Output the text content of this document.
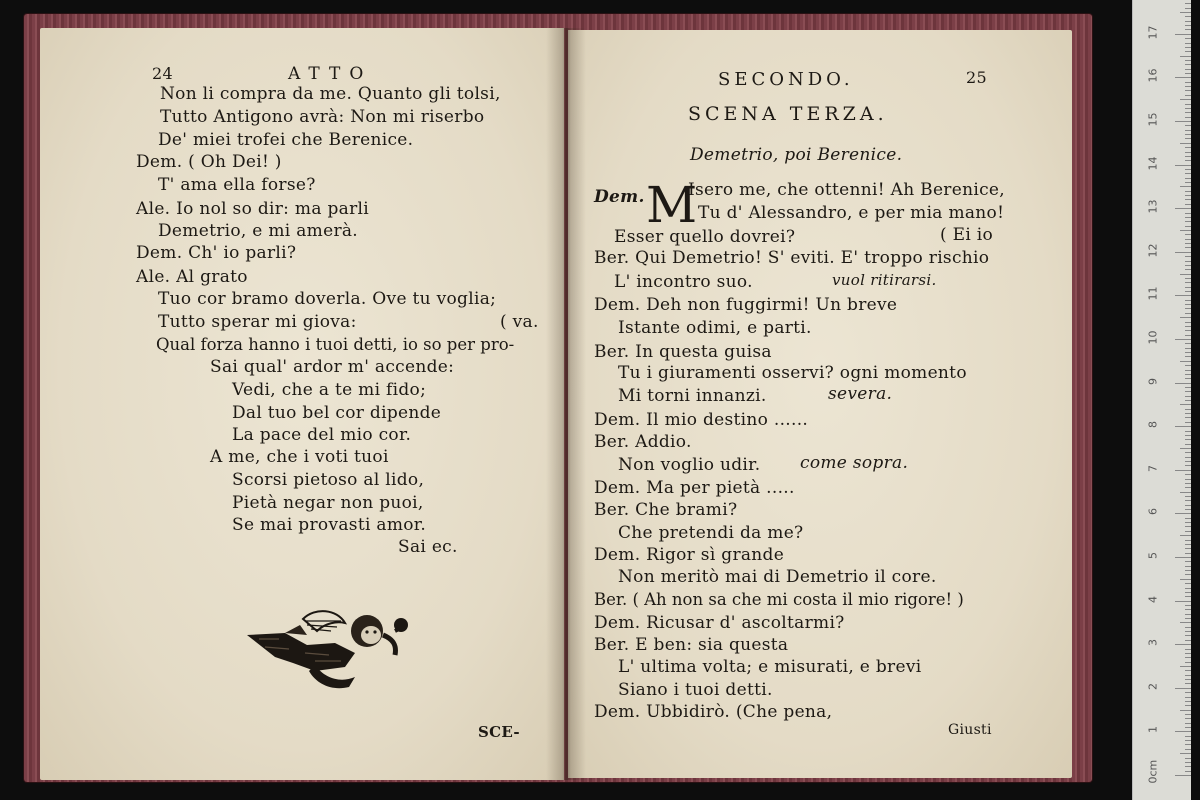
24	ATTO
Non li compra da me. Quanto gli tolsi,
Tutto Antigono avrà: Non mi riserbo
De' miei trofei che Berenice.
Dem. ( Oh Dei! )
T' ama ella forse?
Ale. Io nol so dir: ma parli
Demetrio, e mi amerà.
Dem. Ch' io parli?
Ale. Al grato
Tuo cor bramo doverla. Ove tu voglia;
Tutto sperar mi giova:	( va.
Qual forza hanno i tuoi detti, io so per pro-
Sai qual' ardor m' accende:
Vedi, che a te mi fido;
Dal tuo bel cor dipende
La pace del mio cor.
A me, che i voti tuoi
Scorsi pietoso al lido,
Pietà negar non puoi,
Se mai provasti amor.
Sai ec.
SCE-
SECONDO.	25
SCENA TERZA.
Demetrio, poi Berenice.
Dem. M
Isero me, che ottenni! Ah Berenice,
Tu d' Alessandro, e per mia mano!
Esser quello dovrei?	( Ei io
Ber. Qui Demetrio! S' eviti. E' troppo rischio
L' incontro suo.	vuol ritirarsi.
Dem. Deh non fuggirmi! Un breve
Istante odimi, e parti.
Ber. In questa guisa
Tu i giuramenti osservi? ogni momento
Mi torni innanzi.	severa.
Dem. Il mio destino ......
Ber. Addio.
Non voglio udir. come sopra.
Dem. Ma per pietà .....
Ber. Che brami?
Che pretendi da me?
Dem. Rigor sì grande
Non meritò mai di Demetrio il core.
Ber. ( Ah non sa che mi costa il mio rigore! )
Dem. Ricusar d' ascoltarmi?
Ber. E ben: sia questa
L' ultima volta; e misurati, e brevi
Siano i tuoi detti.
Dem. Ubbidirò. (Che pena,
Giusti
0cm
1
2
3
4
5
6
7
8
9
10
11
12
13
14
15
16
17
